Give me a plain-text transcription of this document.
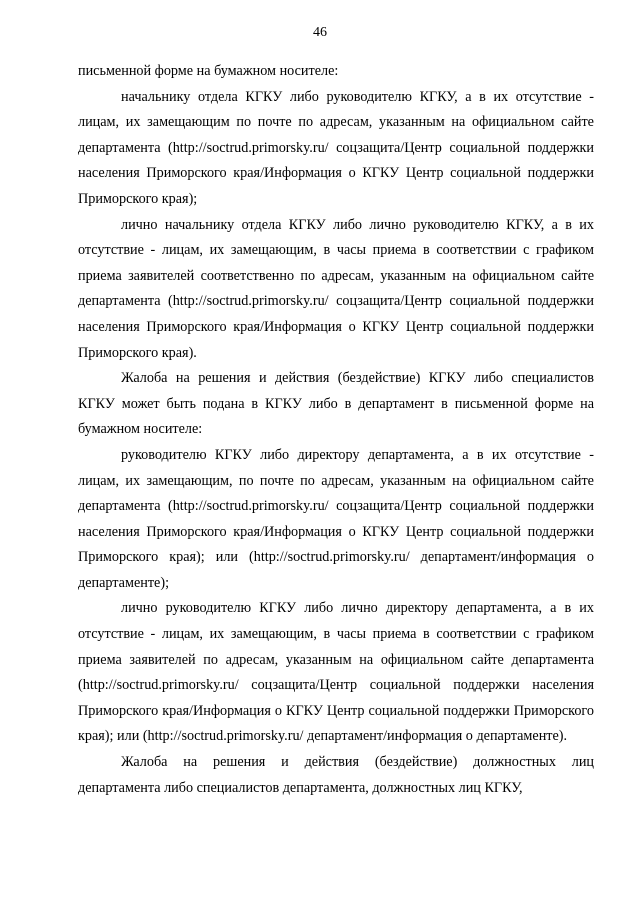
46

письменной форме на бумажном носителе:

начальнику отдела КГКУ либо руководителю КГКУ, а в их отсутствие - лицам, их замещающим по почте по адресам, указанным на официальном сайте департамента (http://soctrud.primorsky.ru/ соцзащита/Центр социальной поддержки населения Приморского края/Информация о КГКУ Центр социальной поддержки Приморского края);

лично начальнику отдела КГКУ либо лично руководителю КГКУ, а в их отсутствие - лицам, их замещающим, в часы приема в соответствии с графиком приема заявителей соответственно по адресам, указанным на официальном сайте департамента (http://soctrud.primorsky.ru/ соцзащита/Центр социальной поддержки населения Приморского края/Информация о КГКУ Центр социальной поддержки Приморского края).

Жалоба на решения и действия (бездействие) КГКУ либо специалистов КГКУ может быть подана в КГКУ либо в департамент в письменной форме на бумажном носителе:

руководителю КГКУ либо директору департамента, а в их отсутствие - лицам, их замещающим, по почте по адресам, указанным на официальном сайте департамента (http://soctrud.primorsky.ru/ соцзащита/Центр социальной поддержки населения Приморского края/Информация о КГКУ Центр социальной поддержки Приморского края); или (http://soctrud.primorsky.ru/ департамент/информация о департаменте);

лично руководителю КГКУ либо лично директору департамента, а в их отсутствие - лицам, их замещающим, в часы приема в соответствии с графиком приема заявителей по адресам, указанным на официальном сайте департамента (http://soctrud.primorsky.ru/ соцзащита/Центр социальной поддержки населения Приморского края/Информация о КГКУ Центр социальной поддержки Приморского края); или (http://soctrud.primorsky.ru/ департамент/информация о департаменте).

Жалоба на решения и действия (бездействие) должностных лиц департамента либо специалистов департамента, должностных лиц КГКУ,
